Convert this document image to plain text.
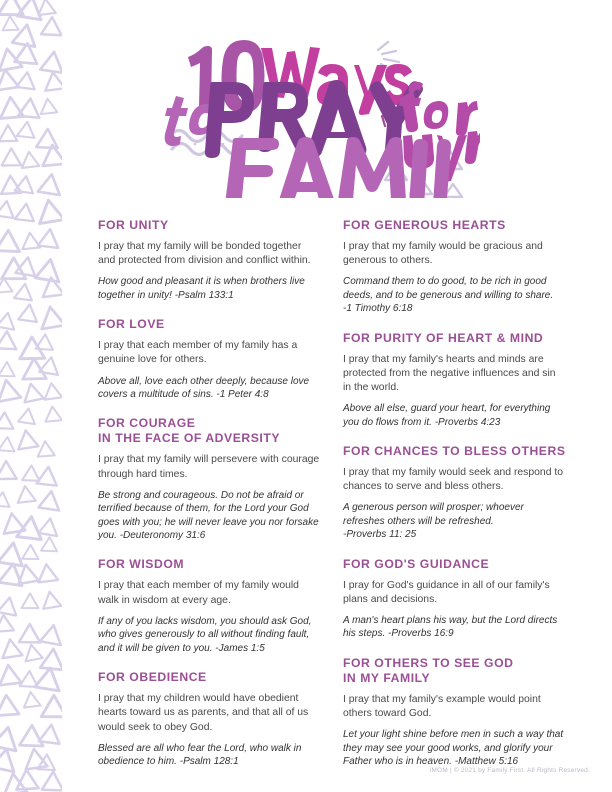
FOR UNITY

I pray that my family will be bonded together and protected from division and conflict within.

How good and pleasant it is when brothers live together in unity! -Psalm 133:1

FOR LOVE

I pray that each member of my family has a genuine love for others.

Above all, love each other deeply, because love covers a multitude of sins. -1 Peter 4:8

FOR COURAGE
IN THE FACE OF ADVERSITY

I pray that my family will persevere with courage through hard times.

Be strong and courageous. Do not be afraid or terrified because of them, for the Lord your God goes with you; he will never leave you nor forsake you. -Deuteronomy 31:6

FOR WISDOM

I pray that each member of my family would walk in wisdom at every age.

If any of you lacks wisdom, you should ask God, who gives generously to all without finding fault, and it will be given to you. -James 1:5

FOR OBEDIENCE

I pray that my children would have obedient hearts toward us as parents, and that all of us would seek to obey God.

Blessed are all who fear the Lord, who walk in obedience to him. -Psalm 128:1

FOR GENEROUS HEARTS

I pray that my family would be gracious and generous to others.

Command them to do good, to be rich in good deeds, and to be generous and willing to share. -1 Timothy 6:18

FOR PURITY OF HEART & MIND

I pray that my family's hearts and minds are protected from the negative influences and sin in the world.

Above all else, guard your heart, for everything you do flows from it. -Proverbs 4:23

FOR CHANCES TO BLESS OTHERS

I pray that my family would seek and respond to chances to serve and bless others.

A generous person will prosper; whoever refreshes others will be refreshed. -Proverbs 11: 25

FOR GOD'S GUIDANCE

I pray for God's guidance in all of our family's plans and decisions.

A man's heart plans his way, but the Lord directs his steps. -Proverbs 16:9

FOR OTHERS TO SEE GOD
IN MY FAMILY

I pray that my family's example would point others toward God.

Let your light shine before men in such a way that they may see your good works, and glorify your Father who is in heaven. -Matthew 5:16

iMOM | © 2021 by Family First. All Rights Reserved.
